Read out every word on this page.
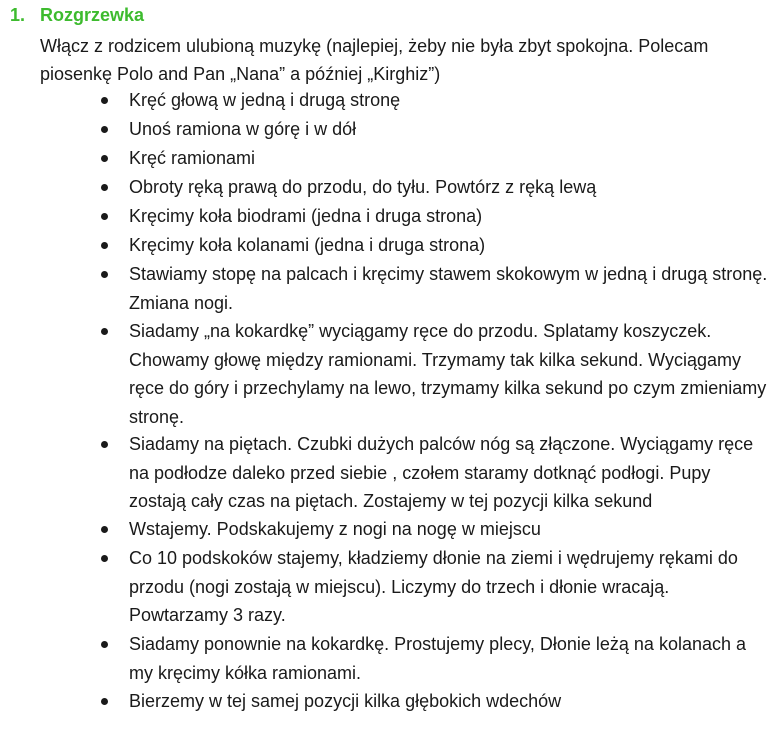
1. Rozgrzewka
Włącz z rodzicem ulubioną muzykę (najlepiej, żeby nie była zbyt spokojna. Polecam piosenkę Polo and Pan „Nana” a później „Kirghiz”)
Kręć głową w jedną i drugą stronę
Unoś ramiona w górę i w dół
Kręć ramionami
Obroty ręką prawą do przodu, do tyłu. Powtórz z ręką lewą
Kręcimy koła biodrami (jedna i druga strona)
Kręcimy koła kolanami (jedna i druga strona)
Stawiamy stopę na palcach i kręcimy stawem skokowym w jedną i drugą stronę. Zmiana nogi.
Siadamy „na kokardkę” wyciągamy ręce do przodu. Splatamy koszyczek. Chowamy głowę między ramionami. Trzymamy tak kilka sekund. Wyciągamy ręce do góry i przechylamy na lewo, trzymamy kilka sekund po czym zmieniamy stronę.
Siadamy na piętach. Czubki dużych palców nóg są złączone. Wyciągamy ręce na podłodze daleko przed siebie , czołem staramy dotknąć podłogi. Pupy zostają cały czas na piętach. Zostajemy w tej pozycji kilka sekund
Wstajemy. Podskakujemy z nogi na nogę w miejscu
Co 10 podskoków stajemy, kładziemy dłonie na ziemi i wędrujemy rękami do przodu (nogi zostają w miejscu). Liczymy do trzech i dłonie wracają. Powtarzamy 3 razy.
Siadamy ponownie na kokardkę. Prostujemy plecy, Dłonie leżą na kolanach a my kręcimy kółka ramionami.
Bierzemy w tej samej pozycji kilka głębokich wdechów
